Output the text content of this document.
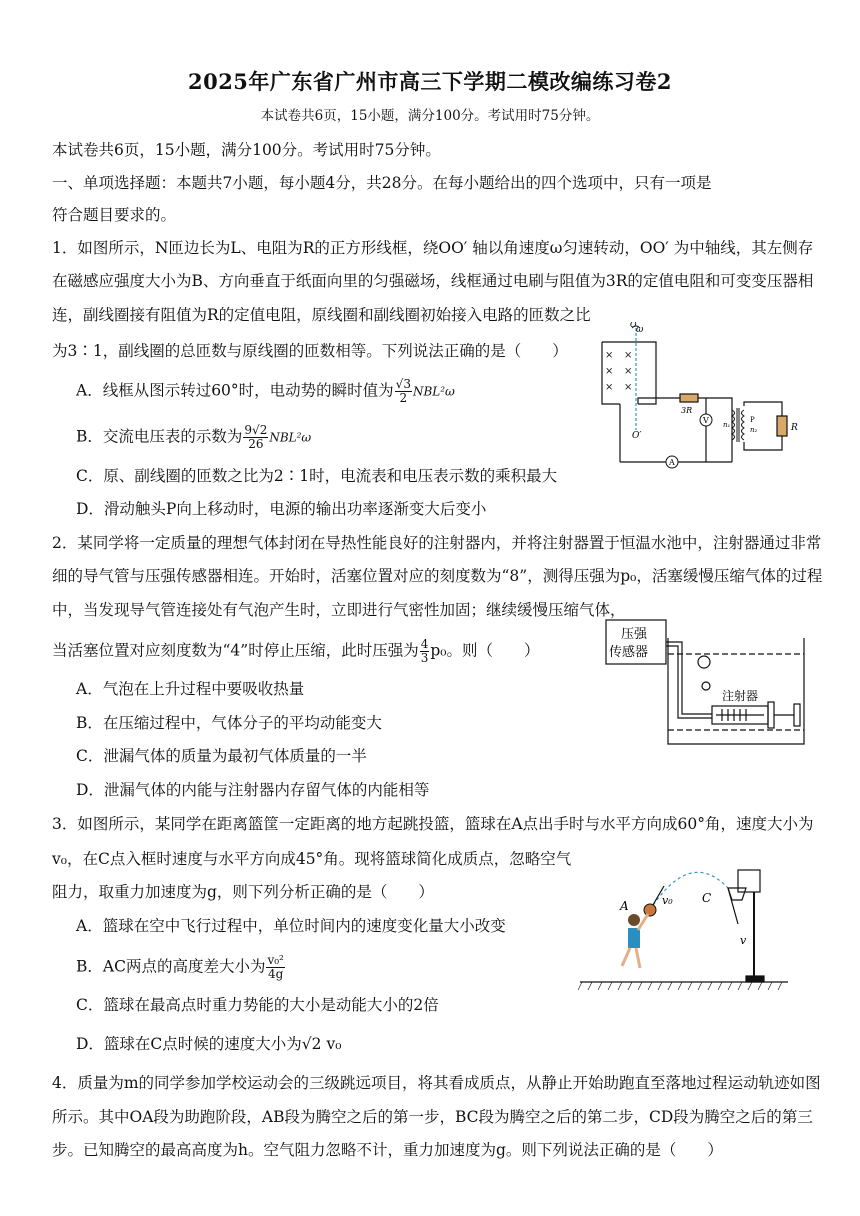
2025年广东省广州市高三下学期二模改编练习卷2
本试卷共6页，15小题，满分100分。考试用时75分钟。
本试卷共6页，15小题，满分100分。考试用时75分钟。
一、单项选择题：本题共7小题，每小题4分，共28分。在每小题给出的四个选项中，只有一项是
符合题目要求的。
1．如图所示，N匝边长为L、电阻为R的正方形线框，绕OO′ 轴以角速度ω匀速转动，OO′ 为中轴线，其左侧存
在磁感应强度大小为B、方向垂直于纸面向里的匀强磁场，线框通过电刷与阻值为3R的定值电阻和可变变压器相
连，副线圈接有阻值为R的定值电阻，原线圈和副线圈初始接入电路的匝数之比
为3∶1，副线圈的总匝数与原线圈的匝数相等。下列说法正确的是（　　）
A．线框从图示转过60°时，电动势的瞬时值为 $\frac{√3}{2} NBL^2\omega$
B．交流电压表的示数为 $\frac{9√2}{26} NBL^2\omega$
C．原、副线圈的匝数之比为2∶1时，电流表和电压表示数的乘积最大
D．滑动触头P向上移动时，电源的输出功率逐渐变大后变小
× ×
× ×
× ×
ω
O
O′
3R
R
V
A
P
n₁
n₂
2．某同学将一定质量的理想气体封闭在导热性能良好的注射器内，并将注射器置于恒温水池中，注射器通过非常
细的导气管与压强传感器相连。开始时，活塞位置对应的刻度数为“8”，测得压强为p₀，活塞缓慢压缩气体的过程
中，当发现导气管连接处有气泡产生时，立即进行气密性加固；继续缓慢压缩气体，
当活塞位置对应刻度数为“4”时停止压缩，此时压强为 $\frac{4}{3} p_0$。则（　　）
A．气泡在上升过程中要吸收热量
B．在压缩过程中，气体分子的平均动能变大
C．泄漏气体的质量为最初气体质量的一半
D．泄漏气体的内能与注射器内存留气体的内能相等
压强
传感器
注射器
3．如图所示，某同学在距离篮筐一定距离的地方起跳投篮，篮球在A点出手时与水平方向成60°角，速度大小为
v₀，在C点入框时速度与水平方向成45°角。现将篮球简化成质点，忽略空气
阻力，取重力加速度为g，则下列分析正确的是（　　）
A．篮球在空中飞行过程中，单位时间内的速度变化量大小改变
B．AC两点的高度差大小为 $\frac{\text{v₀²}}{4g}$
C．篮球在最高点时重力势能的大小是动能大小的2倍
D．篮球在C点时候的速度大小为√2 v₀
A	v₀ C
v
4．质量为m的同学参加学校运动会的三级跳远项目，将其看成质点，从静止开始助跑直至落地过程运动轨迹如图
所示。其中OA段为助跑阶段，AB段为腾空之后的第一步，BC段为腾空之后的第二步，CD段为腾空之后的第三
步。已知腾空的最高高度为h。空气阻力忽略不计，重力加速度为g。则下列说法正确的是（　　）
